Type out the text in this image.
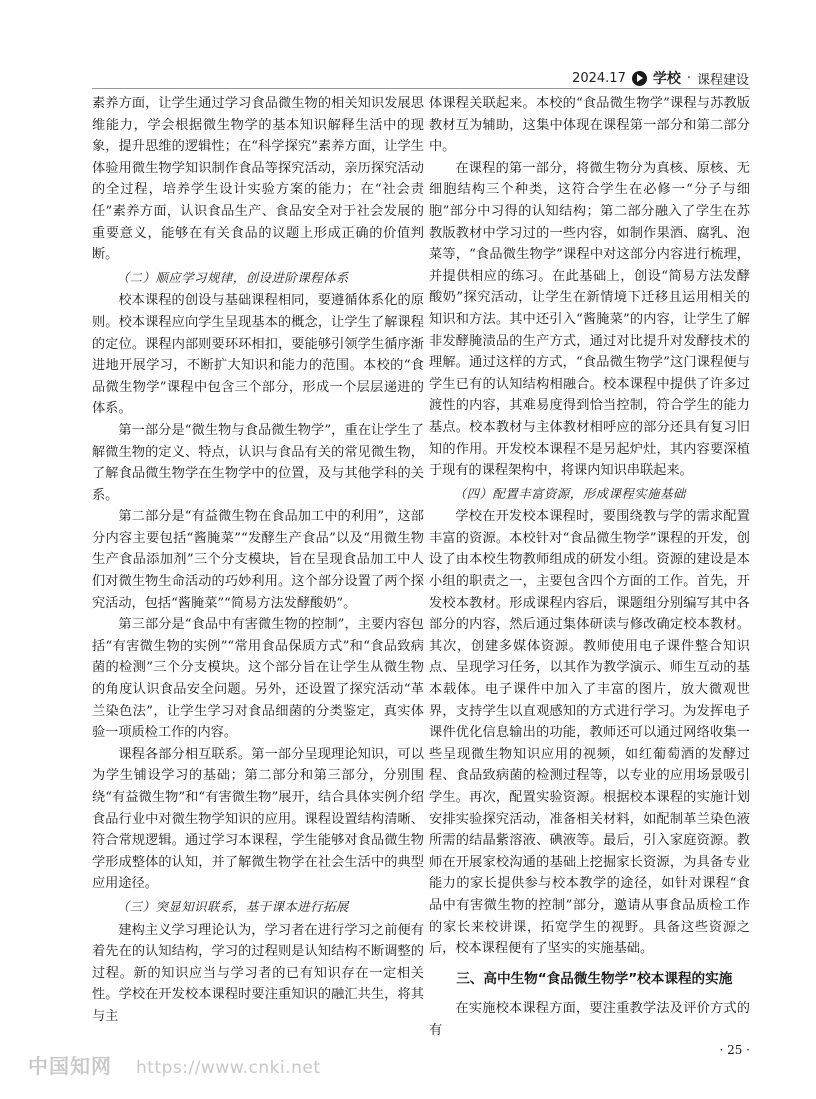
2024.17 学校 · 课程建设

素养方面，让学生通过学习食品微生物的相关知识发展思维能力，学会根据微生物学的基本知识解释生活中的现象，提升思维的逻辑性；在“科学探究”素养方面，让学生体验用微生物学知识制作食品等探究活动，亲历探究活动的全过程，培养学生设计实验方案的能力；在“社会责任”素养方面，认识食品生产、食品安全对于社会发展的重要意义，能够在有关食品的议题上形成正确的价值判断。

（二）顺应学习规律，创设进阶课程体系

校本课程的创设与基础课程相同，要遵循体系化的原则。校本课程应向学生呈现基本的概念，让学生了解课程的定位。课程内部则要环环相扣，要能够引领学生循序渐进地开展学习，不断扩大知识和能力的范围。本校的“食品微生物学”课程中包含三个部分，形成一个层层递进的体系。

第一部分是“微生物与食品微生物学”，重在让学生了解微生物的定义、特点，认识与食品有关的常见微生物，了解食品微生物学在生物学中的位置，及与其他学科的关系。

第二部分是“有益微生物在食品加工中的利用”，这部分内容主要包括“酱腌菜”“发酵生产食品”以及“用微生物生产食品添加剂”三个分支模块，旨在呈现食品加工中人们对微生物生命活动的巧妙利用。这个部分设置了两个探究活动，包括“酱腌菜”“简易方法发酵酸奶”。

第三部分是“食品中有害微生物的控制”，主要内容包括“有害微生物的实例”“常用食品保质方式”和“食品致病菌的检测”三个分支模块。这个部分旨在让学生从微生物的角度认识食品安全问题。另外，还设置了探究活动“革兰染色法”，让学生学习对食品细菌的分类鉴定，真实体验一项质检工作的内容。

课程各部分相互联系。第一部分呈现理论知识，可以为学生铺设学习的基础；第二部分和第三部分，分别围绕“有益微生物”和“有害微生物”展开，结合具体实例介绍食品行业中对微生物学知识的应用。课程设置结构清晰、符合常规逻辑。通过学习本课程，学生能够对食品微生物学形成整体的认知，并了解微生物学在社会生活中的典型应用途径。

（三）突显知识联系，基于课本进行拓展

建构主义学习理论认为，学习者在进行学习之前便有着先在的认知结构，学习的过程则是认知结构不断调整的过程。新的知识应当与学习者的已有知识存在一定相关性。学校在开发校本课程时要注重知识的融汇共生，将其与主

体课程关联起来。本校的“食品微生物学”课程与苏教版教材互为辅助，这集中体现在课程第一部分和第二部分中。

在课程的第一部分，将微生物分为真核、原核、无细胞结构三个种类，这符合学生在必修一“分子与细胞”部分中习得的认知结构；第二部分融入了学生在苏教版教材中学习过的一些内容，如制作果酒、腐乳、泡菜等，“食品微生物学”课程中对这部分内容进行梳理，并提供相应的练习。在此基础上，创设“简易方法发酵酸奶”探究活动，让学生在新情境下迁移且运用相关的知识和方法。其中还引入“酱腌菜”的内容，让学生了解非发酵腌渍品的生产方式，通过对比提升对发酵技术的理解。通过这样的方式，“食品微生物学”这门课程便与学生已有的认知结构相融合。校本课程中提供了许多过渡性的内容，其难易度得到恰当控制，符合学生的能力基点。校本教材与主体教材相呼应的部分还具有复习旧知的作用。开发校本课程不是另起炉灶，其内容要深植于现有的课程架构中，将课内知识串联起来。

（四）配置丰富资源，形成课程实施基础

学校在开发校本课程时，要围绕教与学的需求配置丰富的资源。本校针对“食品微生物学”课程的开发，创设了由本校生物教师组成的研发小组。资源的建设是本小组的职责之一，主要包含四个方面的工作。首先，开发校本教材。形成课程内容后，课题组分别编写其中各部分的内容，然后通过集体研读与修改确定校本教材。其次，创建多媒体资源。教师使用电子课件整合知识点、呈现学习任务，以其作为教学演示、师生互动的基本载体。电子课件中加入了丰富的图片，放大微观世界，支持学生以直观感知的方式进行学习。为发挥电子课件优化信息输出的功能，教师还可以通过网络收集一些呈现微生物知识应用的视频，如红葡萄酒的发酵过程、食品致病菌的检测过程等，以专业的应用场景吸引学生。再次，配置实验资源。根据校本课程的实施计划安排实验探究活动，准备相关材料，如配制革兰染色液所需的结晶紫溶液、碘液等。最后，引入家庭资源。教师在开展家校沟通的基础上挖掘家长资源，为具备专业能力的家长提供参与校本教学的途径，如针对课程“食品中有害微生物的控制”部分，邀请从事食品质检工作的家长来校讲课，拓宽学生的视野。具备这些资源之后，校本课程便有了坚实的实施基础。

三、高中生物“食品微生物学”校本课程的实施

在实施校本课程方面，要注重教学法及评价方式的有

· 25 ·
中国知网 https://www.cnki.net
